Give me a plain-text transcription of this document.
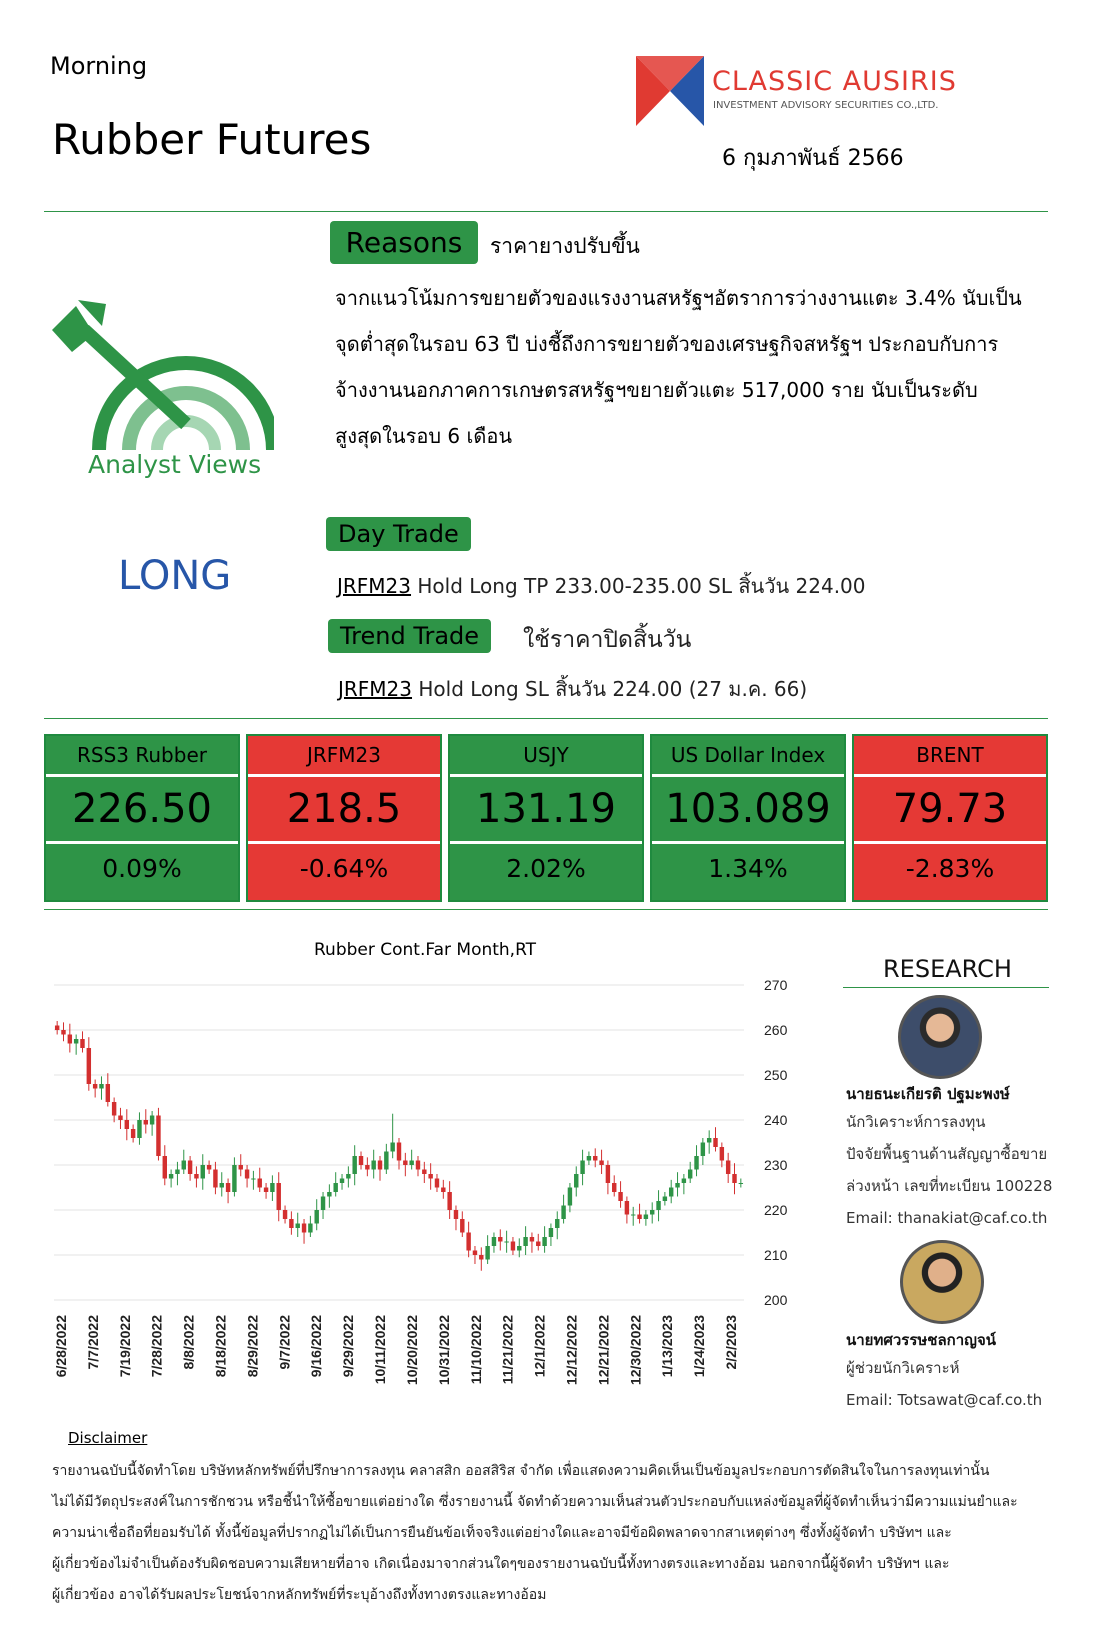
Morning
Rubber Futures
CLASSIC AUSIRIS
INVESTMENT ADVISORY SECURITIES CO.,LTD.
6 กุมภาพันธ์ 2566
Analyst Views
Reasons	ราคายางปรับขึ้น
จากแนวโน้มการขยายตัวของแรงงานสหรัฐฯอัตราการว่างงานแตะ 3.4% นับเป็น
จุดต่ำสุดในรอบ 63 ปี บ่งชี้ถึงการขยายตัวของเศรษฐกิจสหรัฐฯ ประกอบกับการ
จ้างงานนอกภาคการเกษตรสหรัฐฯขยายตัวแตะ 517,000 ราย นับเป็นระดับ
สูงสุดในรอบ 6 เดือน
LONG
Day Trade
JRFM23 Hold Long TP 233.00-235.00 SL สิ้นวัน 224.00
Trend Trade	ใช้ราคาปิดสิ้นวัน
JRFM23 Hold Long SL สิ้นวัน 224.00 (27 ม.ค. 66)
RSS3 Rubber
226.50
0.09%
JRFM23
218.5
-0.64%
USJY
131.19
2.02%
US Dollar Index
103.089
1.34%
BRENT
79.73
-2.83%
Rubber Cont.Far Month,RT
270
260
250
240
230
220
210
200
6/28/2022 7/7/2022 7/19/2022 7/28/2022 8/8/2022 8/18/2022 8/29/2022 9/7/2022 9/16/2022 9/29/2022 10/11/2022 10/20/2022 10/31/2022 11/10/2022 11/21/2022 12/1/2022 12/12/2022 12/21/2022 12/30/2022 1/13/2023 1/24/2023 2/2/2023
RESEARCH
นายธนะเกียรติ ปฐมะพงษ์
นักวิเคราะห์การลงทุน
ปัจจัยพื้นฐานด้านสัญญาซื้อขาย
ล่วงหน้า เลขที่ทะเบียน 100228
Email: thanakiat@caf.co.th
นายทศวรรษชลกาญจน์
ผู้ช่วยนักวิเคราะห์
Email: Totsawat@caf.co.th
Disclaimer
รายงานฉบับนี้จัดทำโดย บริษัทหลักทรัพย์ที่ปรึกษาการลงทุน คลาสสิก ออสสิริส จำกัด เพื่อแสดงความคิดเห็นเป็นข้อมูลประกอบการตัดสินใจในการลงทุนเท่านั้น
ไม่ได้มีวัตถุประสงค์ในการชักชวน หรือชี้นำให้ซื้อขายแต่อย่างใด ซึ่งรายงานนี้ จัดทำด้วยความเห็นส่วนตัวประกอบกับแหล่งข้อมูลที่ผู้จัดทำเห็นว่ามีความแม่นยำและ
ความน่าเชื่อถือที่ยอมรับได้ ทั้งนี้ข้อมูลที่ปรากฏไม่ได้เป็นการยืนยันข้อเท็จจริงแต่อย่างใดและอาจมีข้อผิดพลาดจากสาเหตุต่างๆ ซึ่งทั้งผู้จัดทำ บริษัทฯ และ
ผู้เกี่ยวข้องไม่จำเป็นต้องรับผิดชอบความเสียหายที่อาจ เกิดเนื่องมาจากส่วนใดๆของรายงานฉบับนี้ทั้งทางตรงและทางอ้อม นอกจากนี้ผู้จัดทำ บริษัทฯ และ
ผู้เกี่ยวข้อง อาจได้รับผลประโยชน์จากหลักทรัพย์ที่ระบุอ้างถึงทั้งทางตรงและทางอ้อม
